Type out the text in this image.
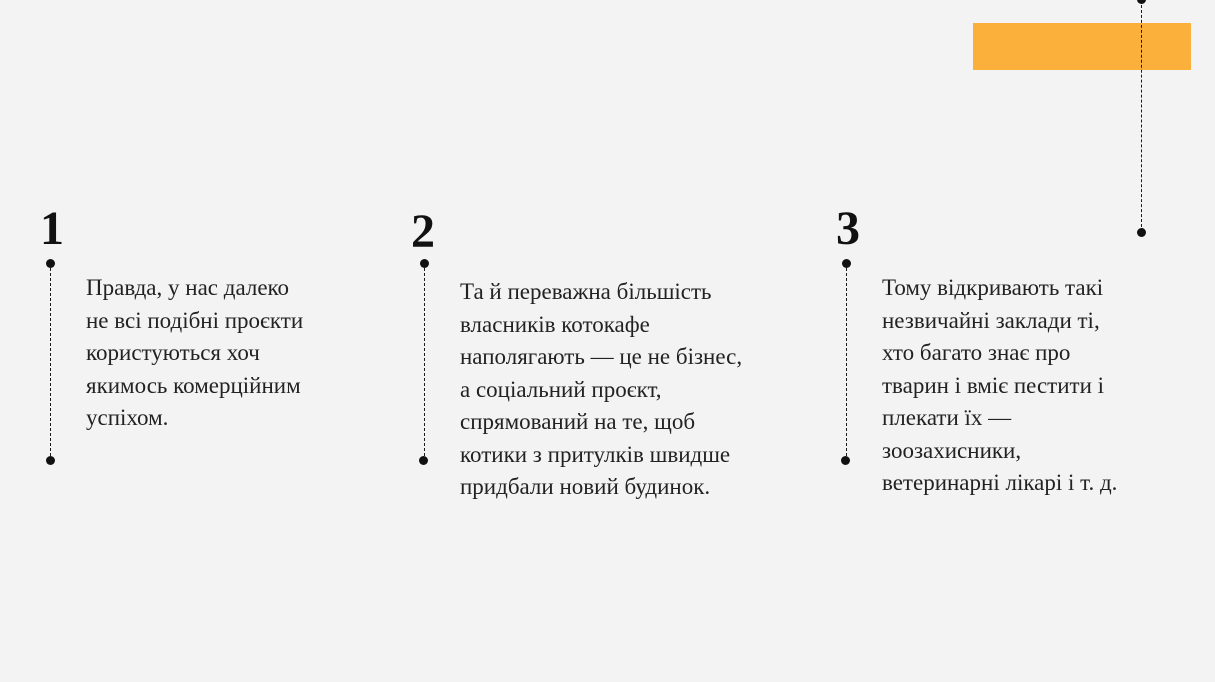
1
Правда, у нас далеко
не всі подібні проєкти
користуються хоч
якимось комерційним
успіхом.
2
Та й переважна більшість
власників котокафе
наполягають — це не бізнес,
а соціальний проєкт,
спрямований на те, щоб
котики з притулків швидше
придбали новий будинок.
3
Тому відкривають такі
незвичайні заклади ті,
хто багато знає про
тварин і вміє пестити і
плекати їх —
зоозахисники,
ветеринарні лікарі і т. д.
